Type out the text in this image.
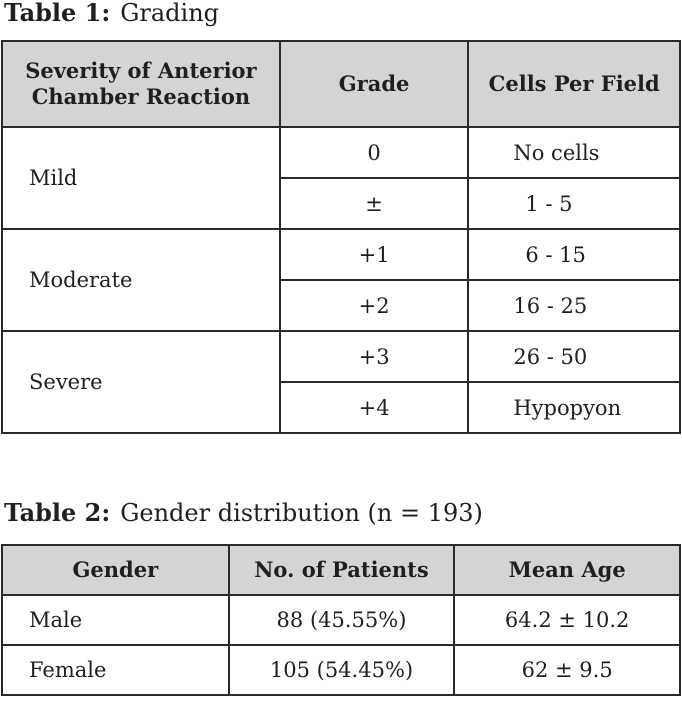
Table 1: Grading
Severity of Anterior Chamber Reaction	Grade	Cells Per Field
Mild	0	No cells
	±	1 - 5
Moderate	+1	6 - 15
	+2	16 - 25
Severe	+3	26 - 50
	+4	Hypopyon
Table 2: Gender distribution (n = 193)
Gender	No. of Patients	Mean Age
Male	88 (45.55%)	64.2 ± 10.2
Female	105 (54.45%)	62 ± 9.5
